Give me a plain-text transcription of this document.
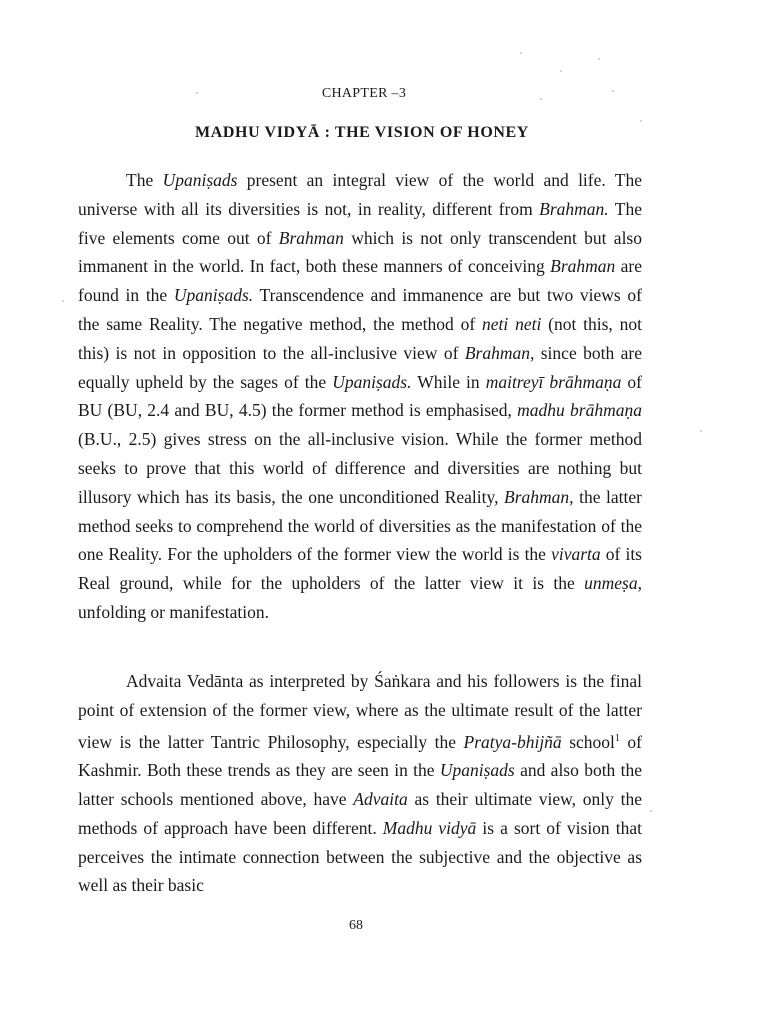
CHAPTER –3
MADHU VIDYĀ : THE VISION OF HONEY

The Upaniṣads present an integral view of the world and life. The universe with all its diversities is not, in reality, different from Brahman. The five elements come out of Brahman which is not only transcendent but also immanent in the world. In fact, both these manners of conceiving Brahman are found in the Upaniṣads. Transcendence and immanence are but two views of the same Reality. The negative method, the method of neti neti (not this, not this) is not in opposition to the all-inclusive view of Brahman, since both are equally upheld by the sages of the Upaniṣads. While in maitreyī brāhmaṇa of BU (BU, 2.4 and BU, 4.5) the former method is emphasised, madhu brāhmaṇa (B.U., 2.5) gives stress on the all-inclusive vision. While the former method seeks to prove that this world of difference and diversities are nothing but illusory which has its basis, the one unconditioned Reality, Brahman, the latter method seeks to comprehend the world of diversities as the manifestation of the one Reality. For the upholders of the former view the world is the vivarta of its Real ground, while for the upholders of the latter view it is the unmeṣa, unfolding or manifestation.

Advaita Vedānta as interpreted by Śaṅkara and his followers is the final point of extension of the former view, where as the ultimate result of the latter view is the latter Tantric Philosophy, especially the Pratya-bhijñā school$^1$ of Kashmir. Both these trends as they are seen in the Upaniṣads and also both the latter schools mentioned above, have Advaita as their ultimate view, only the methods of approach have been different. Madhu vidyā is a sort of vision that perceives the intimate connection between the subjective and the objective as well as their basic

68
